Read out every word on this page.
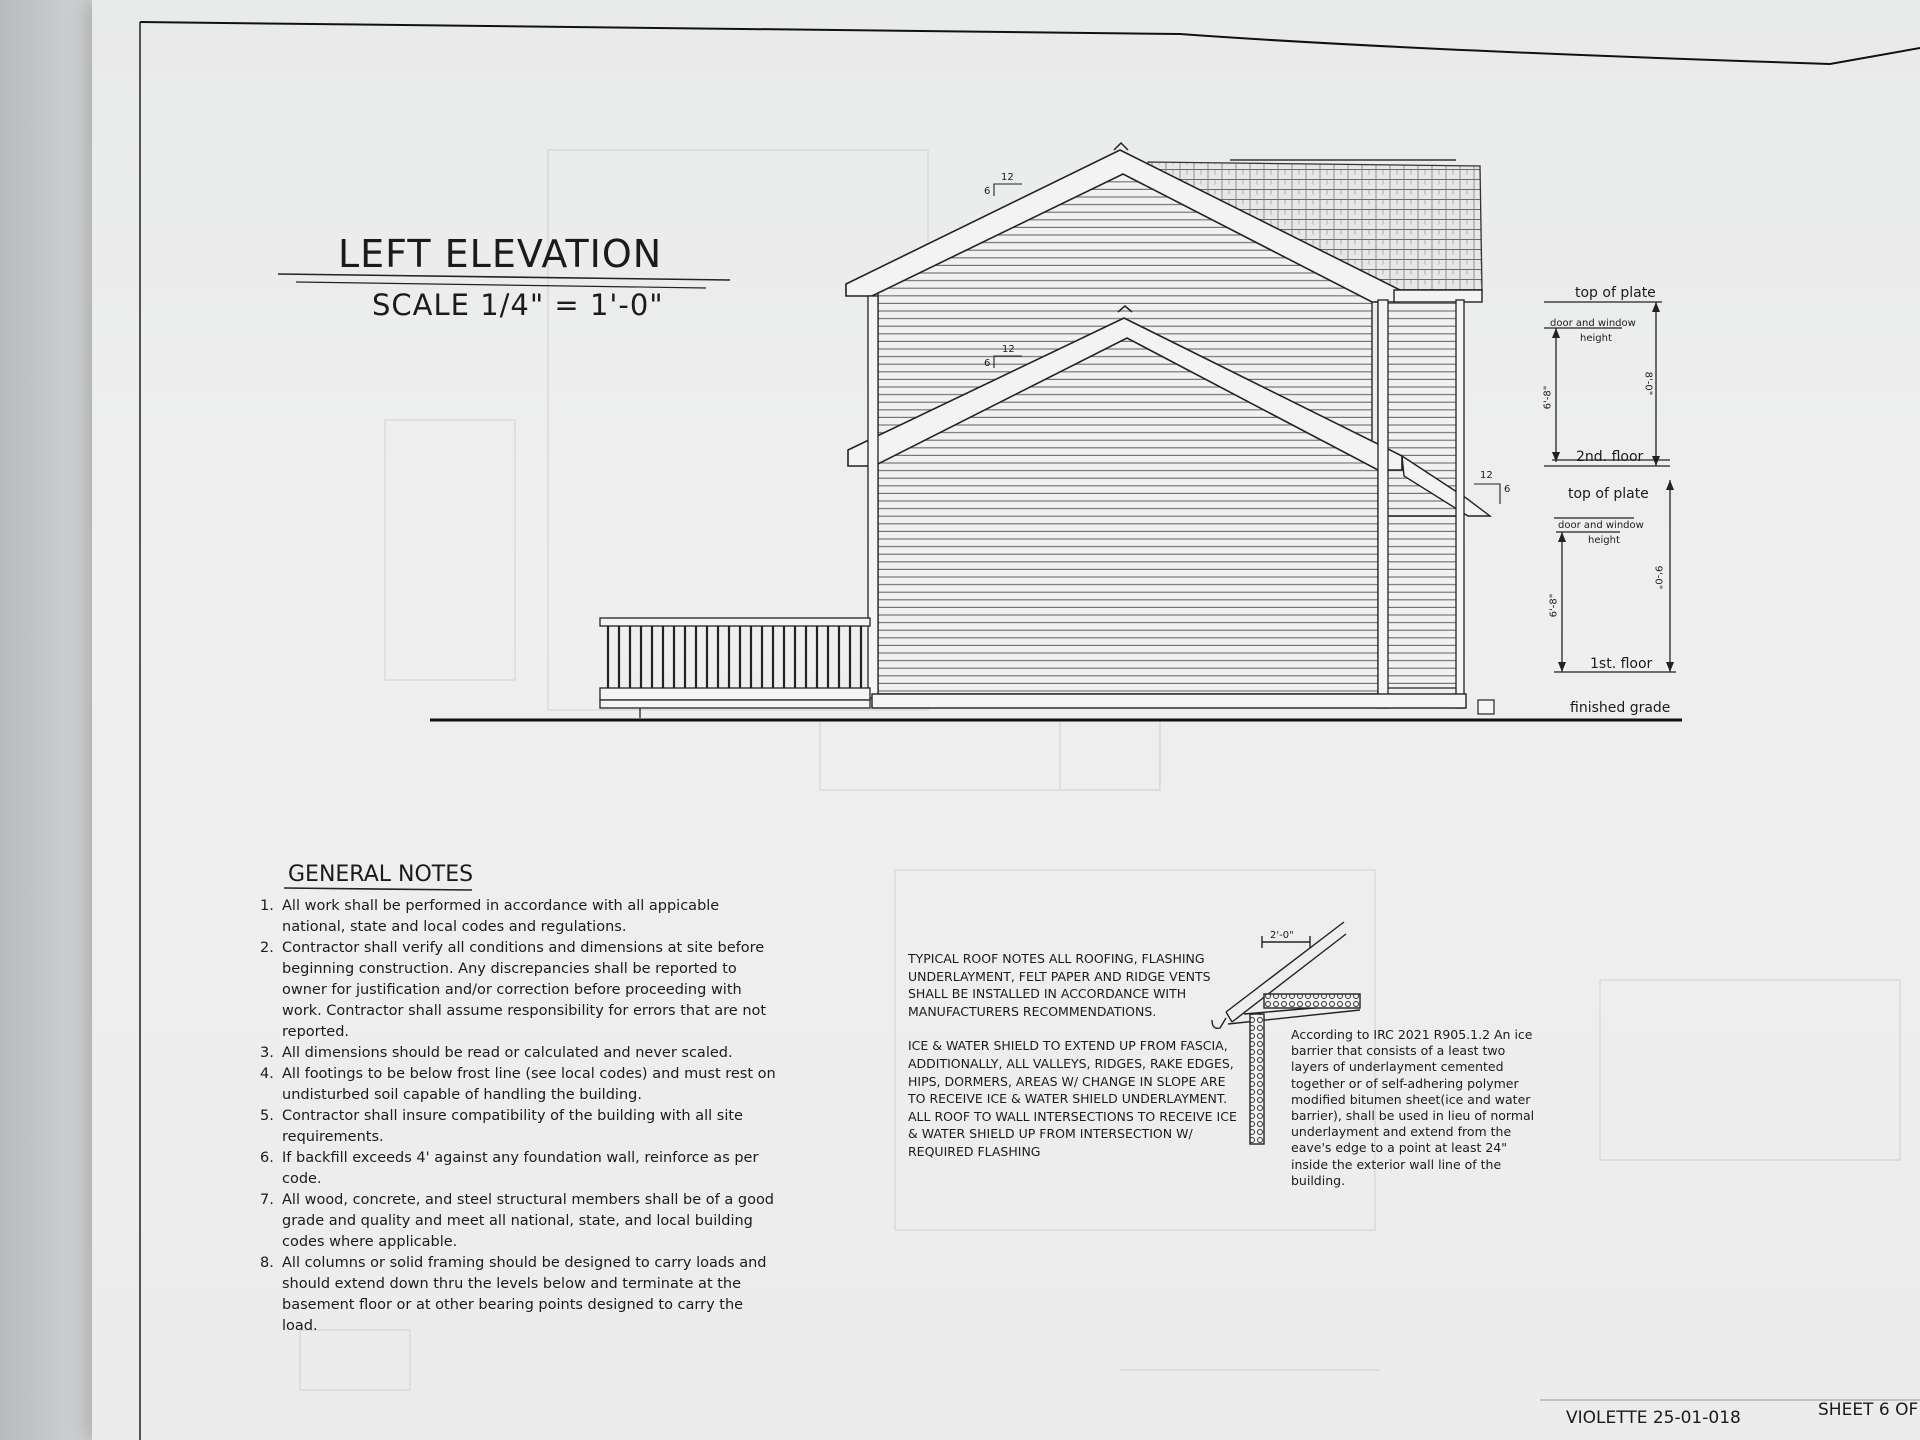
LEFT ELEVATION
SCALE 1/4" = 1'-0"
12
6
12
6
12
6
top of plate
door and window
height
6'-8"
8'-0"
2nd. floor
top of plate
door and window
height
6'-8"
9'-0"
1st. floor
finished grade
GENERAL NOTES
1. All work shall be performed in accordance with all appicable national, state and local codes and regulations.
2. Contractor shall verify all conditions and dimensions at site before beginning construction. Any discrepancies shall be reported to owner for justification and/or correction before proceeding with work. Contractor shall assume responsibility for errors that are not reported.
3. All dimensions should be read or calculated and never scaled.
4. All footings to be below frost line (see local codes) and must rest on undisturbed soil capable of handling the building.
5. Contractor shall insure compatibility of the building with all site requirements.
6. If backfill exceeds 4' against any foundation wall, reinforce as per code.
7. All wood, concrete, and steel structural members shall be of a good grade and quality and meet all national, state, and local building codes where applicable.
8. All columns or solid framing should be designed to carry loads and should extend down thru the levels below and terminate at the basement floor or at other bearing points designed to carry the load.

TYPICAL ROOF NOTES ALL ROOFING, FLASHING UNDERLAYMENT, FELT PAPER AND RIDGE VENTS SHALL BE INSTALLED IN ACCORDANCE WITH MANUFACTURERS RECOMMENDATIONS.

ICE & WATER SHIELD TO EXTEND UP FROM FASCIA, ADDITIONALLY, ALL VALLEYS, RIDGES, RAKE EDGES, HIPS, DORMERS, AREAS W/ CHANGE IN SLOPE ARE TO RECEIVE ICE & WATER SHIELD UNDERLAYMENT. ALL ROOF TO WALL INTERSECTIONS TO RECEIVE ICE & WATER SHIELD UP FROM INTERSECTION W/ REQUIRED FLASHING

2'-0"
According to IRC 2021 R905.1.2 An ice barrier that consists of a least two layers of underlayment cemented together or of self-adhering polymer modified bitumen sheet(ice and water barrier), shall be used in lieu of normal underlayment and extend from the eave's edge to a point at least 24" inside the exterior wall line of the building.
VIOLETTE 25-01-018	SHEET 6 OF
